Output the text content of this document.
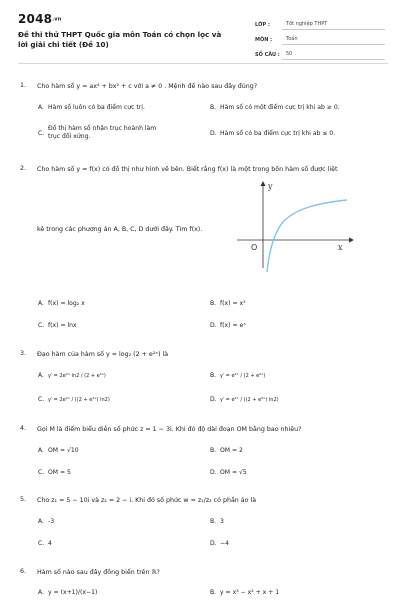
2048.vn
Đề thi thử THPT Quốc gia môn Toán có chọn lọc và lời giải chi tiết (Đề 10)
LỚP :	Tốt nghiệp THPT
MÔN :	Toán
SỐ CÂU :	50
1.	Cho hàm số y = ax⁴ + bx² + c với a ≠ 0 . Mệnh đề nào sau đây đúng?
A. Hàm số luôn có ba điểm cực trị.	B. Hàm số có một điểm cực trị khi ab ≥ 0.
C.
Đồ thị hàm số nhận trục hoành làm trục đối xứng.	D. Hàm số có ba điểm cực trị khi ab ≤ 0.
2.	Cho hàm số y = f(x) có đồ thị như hình vẽ bên. Biết rằng f(x) là một trong bốn hàm số được liệt
kê trong các phương án A, B, C, D dưới đây. Tìm f(x).
y
x
O
A. f(x) = log₂ x	B. f(x) = x³
C. f(x) = lnx	D. f(x) = eˣ
3.	Đạo hàm của hàm số y = log₂ (2 + e²ˣ) là
A. y′ = 2e²ˣ ln2 / (2 + e²ˣ)	B. y′ = e²ˣ / (2 + e²ˣ)
C. y′ = 2e²ˣ / ((2 + e²ˣ) ln2)	D. y′ = e²ˣ / ((2 + e²ˣ) ln2)
4.	Gọi M là điểm biểu diễn số phức z = 1 − 3i. Khi đó độ dài đoạn OM bằng bao nhiêu?
A. OM = √10	B. OM = 2
C. OM = 5	D. OM = √5
5.	Cho z₁ = 5 − 10i và z₂ = 2 − i. Khi đó số phức w = z₁/z₂ có phần ảo là
A. -3	B. 3
C. 4	D. −4
6.	Hàm số nào sau đây đồng biến trên ℝ?
A. y = (x+1)/(x−1)	B. y = x³ − x² + x + 1
